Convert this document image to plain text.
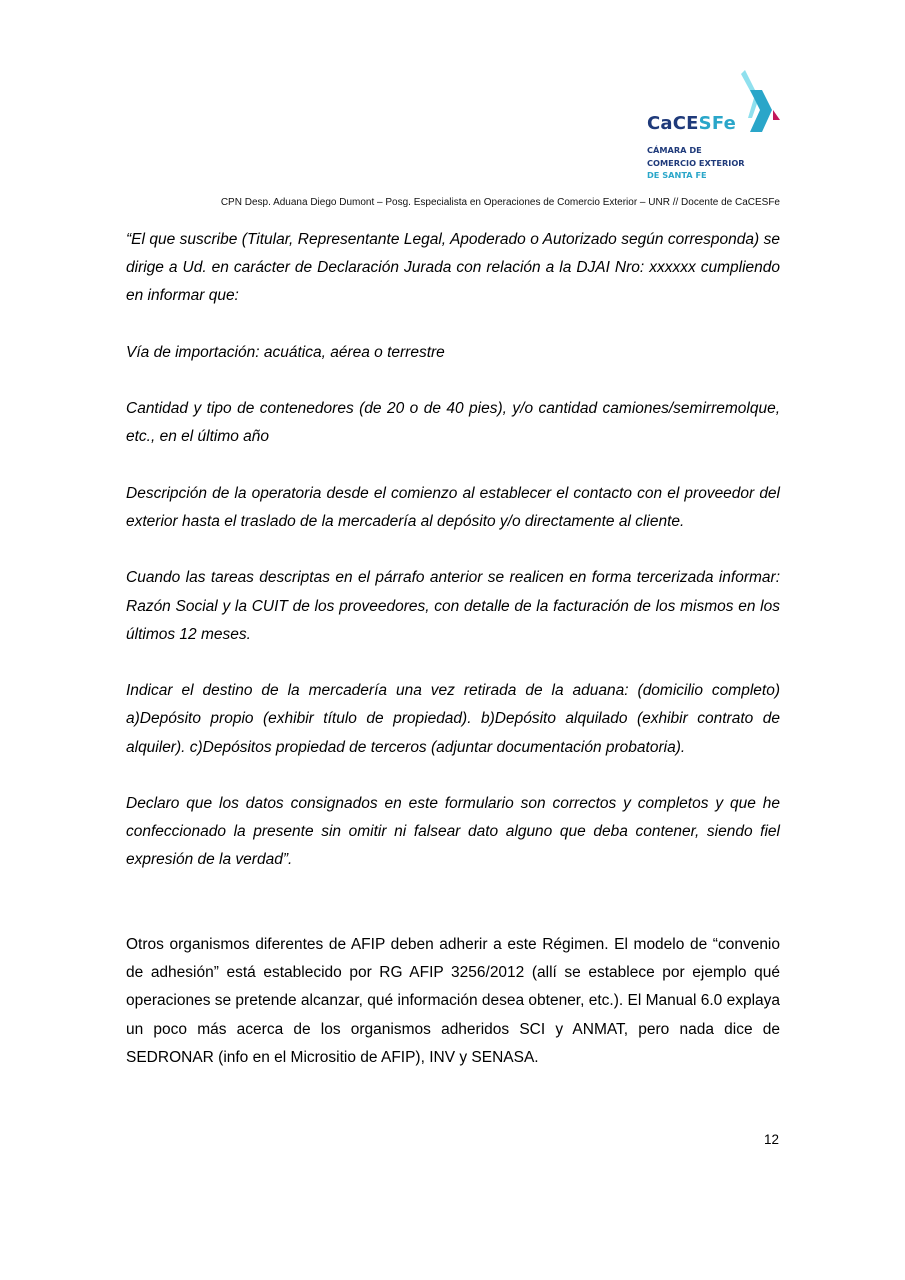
CaCESFe

CÁMARA DE
COMERCIO EXTERIOR
DE SANTA FE

CPN Desp. Aduana Diego Dumont – Posg. Especialista en Operaciones de Comercio Exterior – UNR // Docente de CaCESFe

“El que suscribe (Titular, Representante Legal, Apoderado o Autorizado según corresponda) se dirige a Ud. en carácter de Declaración Jurada con relación a la DJAI Nro: xxxxxx cumpliendo en informar que:

Vía de importación: acuática, aérea o terrestre

Cantidad y tipo de contenedores (de 20 o de 40 pies), y/o cantidad camiones/semirremolque, etc., en el último año

Descripción de la operatoria desde el comienzo al establecer el contacto con el proveedor del exterior hasta el traslado de la mercadería al depósito y/o directamente al cliente.

Cuando las tareas descriptas en el párrafo anterior se realicen en forma tercerizada informar: Razón Social y la CUIT de los proveedores, con detalle de la facturación de los mismos en los últimos 12 meses.

Indicar el destino de la mercadería una vez retirada de la aduana: (domicilio completo) a)Depósito propio (exhibir título de propiedad). b)Depósito alquilado (exhibir contrato de alquiler). c)Depósitos propiedad de terceros (adjuntar documentación probatoria).

Declaro que los datos consignados en este formulario son correctos y completos y que he confeccionado la presente sin omitir ni falsear dato alguno que deba contener, siendo fiel expresión de la verdad”.

Otros organismos diferentes de AFIP deben adherir a este Régimen. El modelo de “convenio de adhesión” está establecido por RG AFIP 3256/2012 (allí se establece por ejemplo qué operaciones se pretende alcanzar, qué información desea obtener, etc.). El Manual 6.0 explaya un poco más acerca de los organismos adheridos SCI y ANMAT, pero nada dice de SEDRONAR (info en el Micrositio de AFIP), INV y SENASA.

12
